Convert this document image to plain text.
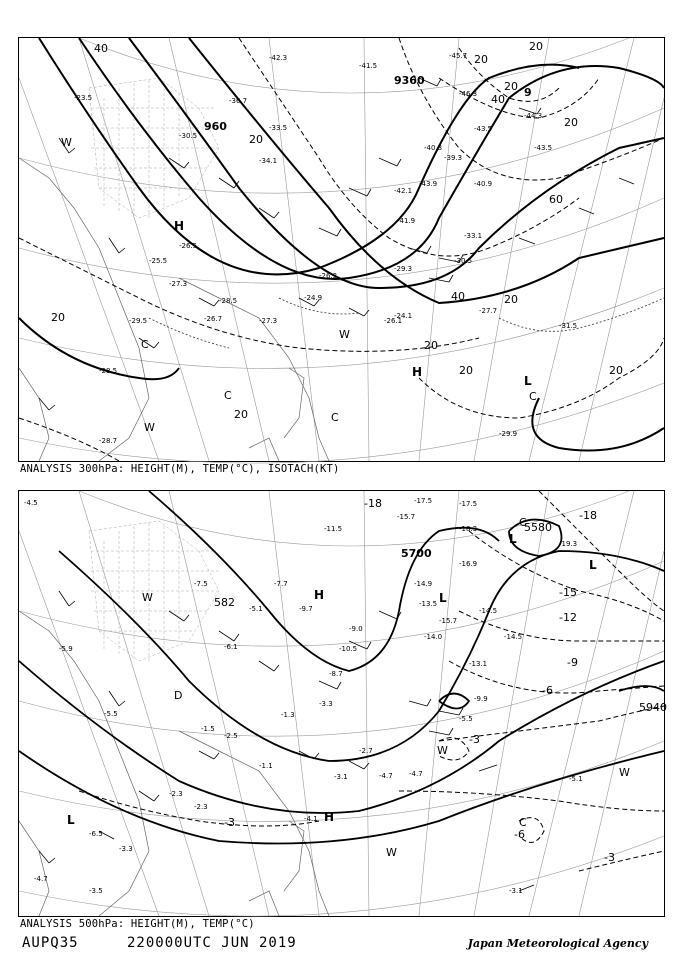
9360
960
9
40	20
20
40
20
60
40	20
20
20	20
20
20
20
20
-45.7
-46.3
-43.5
-40.3
-39.3
-43.9
-42.1
-40.9
-41.9
-33.1
-29.3
-30.5
-26.3
-26.1
-24.9
-27.3
-28.5
-26.7
-27.3
-29.5
-28.5
-28.7
-29.9
-31.5
-27.7
-24.1
-23.5
-26.5
-25.5
-33.5
-36.7
-34.1
-30.5
-41.5
-44.3
-43.5
-42.3
H
H
L
C
C
C
C
W
W
W
ANALYSIS 300hPa: HEIGHT(M), TEMP(°C), ISOTACH(KT)
5700
5580
582
5940
-18
-18
-15
-12
-9
-6
-3
-3
-6
-3
-17.5
-15.7
-17.5
-18.3
-19.3
-14.9
-16.9
-13.5
-14.0
-15.7
-14.5
-14.5
-13.1
-9.9
-5.5
-4.7 -4.7
-2.7
-3.1
-1.1
-1.5
-2.5
-1.3
-3.3
-9.0
-8.7
-10.5
-11.5
-9.7
-7.7
-5.1
-4.1
-6.1
-7.5
-5.9
-5.1
-2.3
-2.3
-4.5
-6.5
-3.3
-4.7
-3.5	-3.1
-5.5
H
H
L
L
L
L	C
C
W
W
W
W
D
ANALYSIS 500hPa: HEIGHT(M), TEMP(°C)
AUPQ35	220000UTC JUN 2019	Japan Meteorological Agency
